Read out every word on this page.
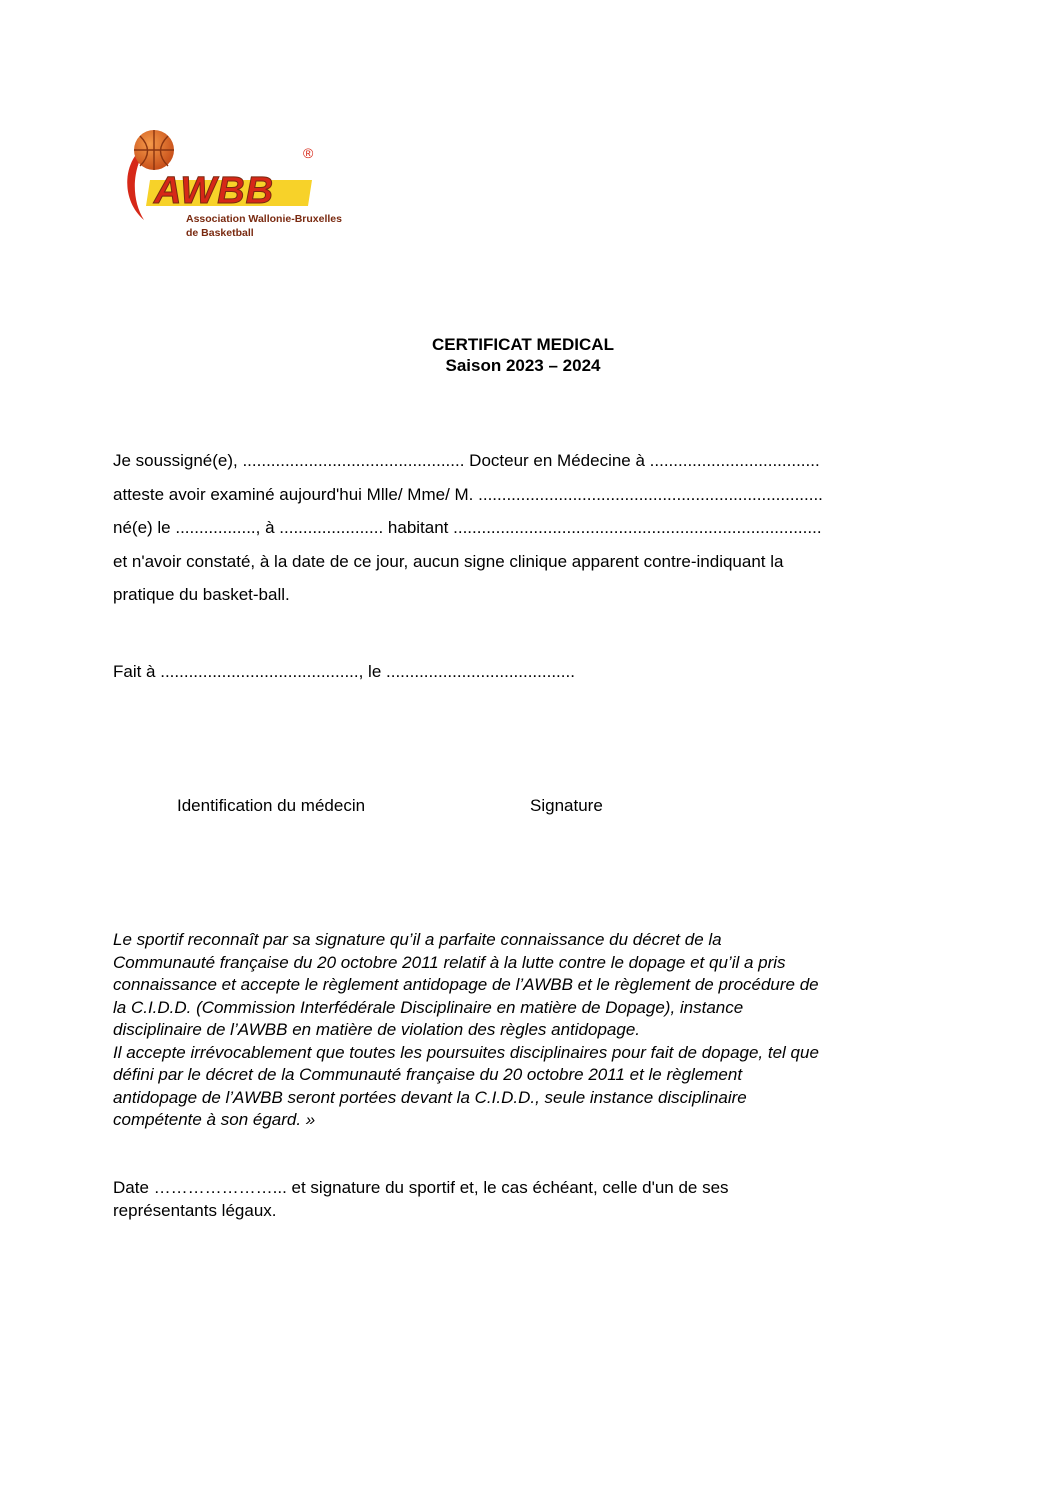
AWBB
®
Association Wallonie-Bruxelles
de Basketball
CERTIFICAT MEDICAL
Saison 2023 – 2024
Je soussigné(e), ............................................... Docteur en Médecine à ....................................
atteste avoir examiné aujourd'hui Mlle/ Mme/ M. .........................................................................
né(e) le ................., à ...................... habitant ..............................................................................
et n'avoir constaté, à la date de ce jour, aucun signe clinique apparent contre-indiquant la
pratique du basket-ball.
Fait à .........................................., le ........................................
Identification du médecin	Signature
Le sportif reconnaît par sa signature qu’il a parfaite connaissance du décret de la
Communauté française du 20 octobre 2011 relatif à la lutte contre le dopage et qu’il a pris
connaissance et accepte le règlement antidopage de l’AWBB et le règlement de procédure de
la C.I.D.D. (Commission Interfédérale Disciplinaire en matière de Dopage), instance
disciplinaire de l’AWBB en matière de violation des règles antidopage.
Il accepte irrévocablement que toutes les poursuites disciplinaires pour fait de dopage, tel que
défini par le décret de la Communauté française du 20 octobre 2011 et le règlement
antidopage de l’AWBB seront portées devant la C.I.D.D., seule instance disciplinaire
compétente à son égard. »
Date …………………... et signature du sportif et, le cas échéant, celle d'un de ses
représentants légaux.
